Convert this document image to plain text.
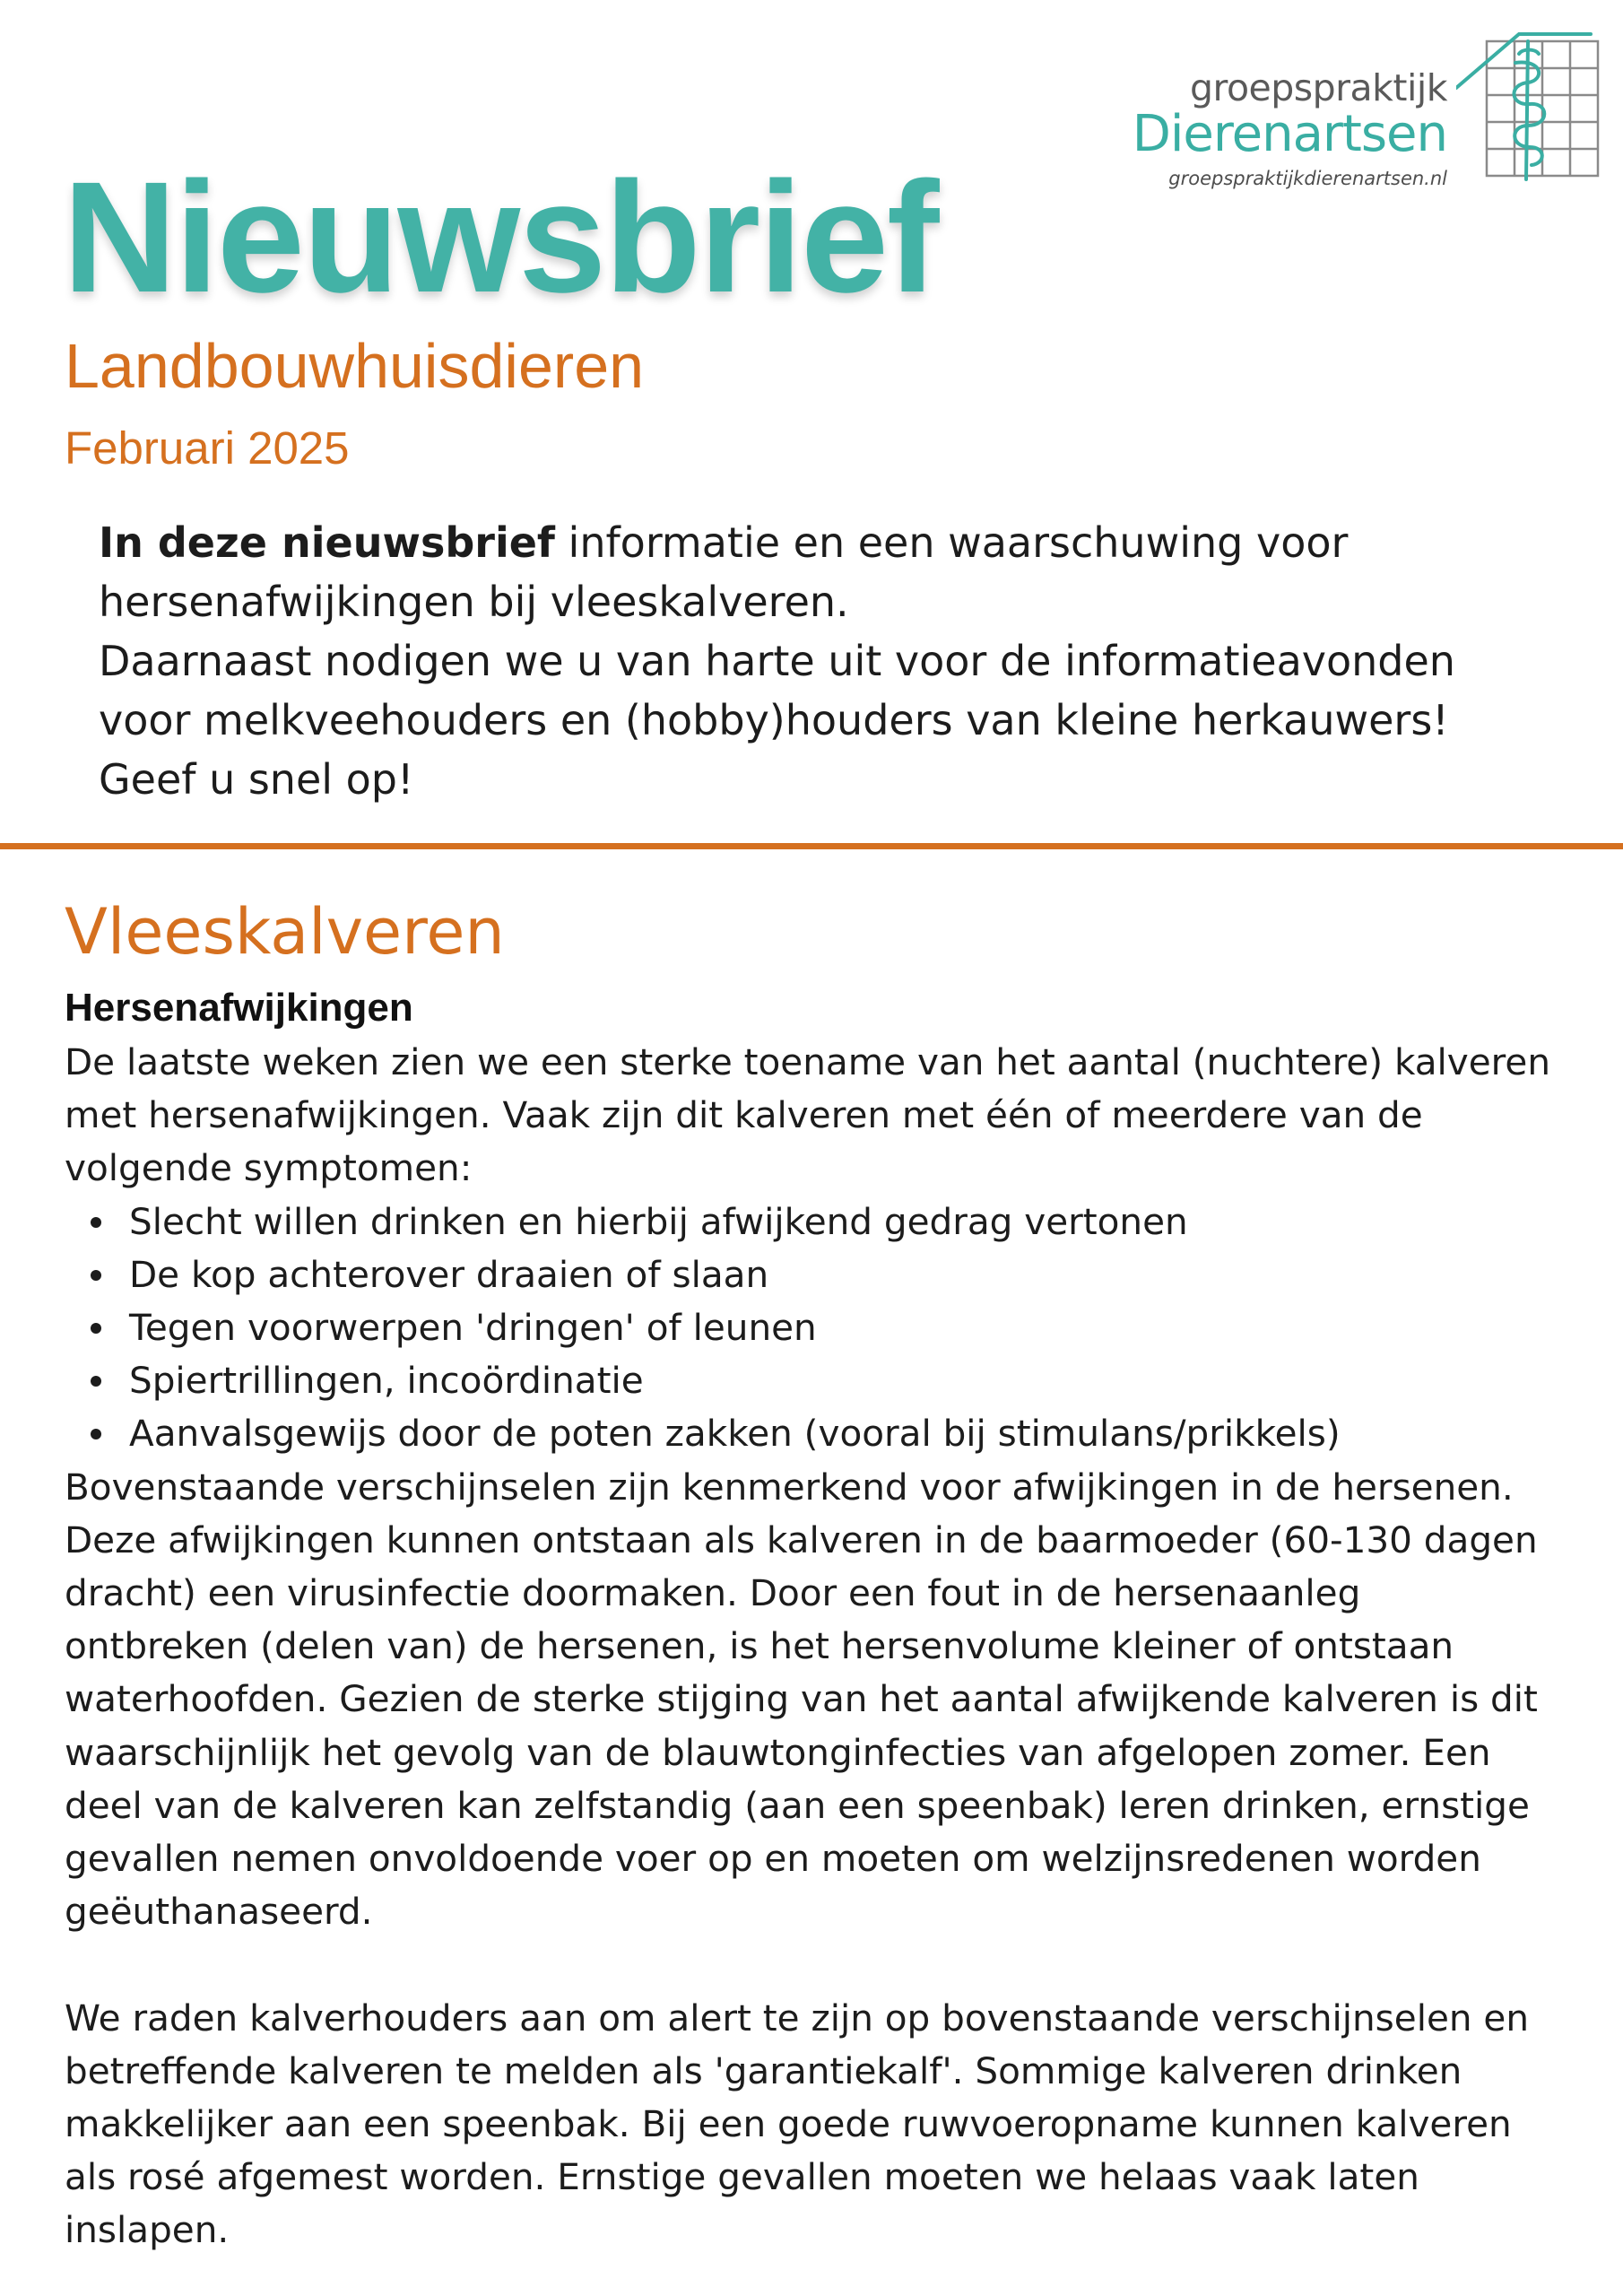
groepspraktijk
Dierenartsen
groepspraktijkdierenartsen.nl
Nieuwsbrief
Landbouwhuisdieren
Februari 2025

In deze nieuwsbrief informatie en een waarschuwing voor

hersenafwijkingen bij vleeskalveren.

Daarnaast nodigen we u van harte uit voor de informatieavonden

voor melkveehouders en (hobby)houders van kleine herkauwers!

Geef u snel op!

Vleeskalveren
Hersenafwijkingen

De laatste weken zien we een sterke toename van het aantal (nuchtere) kalveren

met hersenafwijkingen. Vaak zijn dit kalveren met één of meerdere van de

volgende symptomen:

Slecht willen drinken en hierbij afwijkend gedrag vertonen
De kop achterover draaien of slaan
Tegen voorwerpen 'dringen' of leunen
Spiertrillingen, incoördinatie
Aanvalsgewijs door de poten zakken (vooral bij stimulans/prikkels)

Bovenstaande verschijnselen zijn kenmerkend voor afwijkingen in de hersenen.

Deze afwijkingen kunnen ontstaan als kalveren in de baarmoeder (60-130 dagen

dracht) een virusinfectie doormaken. Door een fout in de hersenaanleg

ontbreken (delen van) de hersenen, is het hersenvolume kleiner of ontstaan

waterhoofden. Gezien de sterke stijging van het aantal afwijkende kalveren is dit

waarschijnlijk het gevolg van de blauwtonginfecties van afgelopen zomer. Een

deel van de kalveren kan zelfstandig (aan een speenbak) leren drinken, ernstige

gevallen nemen onvoldoende voer op en moeten om welzijnsredenen worden

geëuthanaseerd.

We raden kalverhouders aan om alert te zijn op bovenstaande verschijnselen en

betreffende kalveren te melden als 'garantiekalf'. Sommige kalveren drinken

makkelijker aan een speenbak. Bij een goede ruwvoeropname kunnen kalveren

als rosé afgemest worden. Ernstige gevallen moeten we helaas vaak laten

inslapen.
